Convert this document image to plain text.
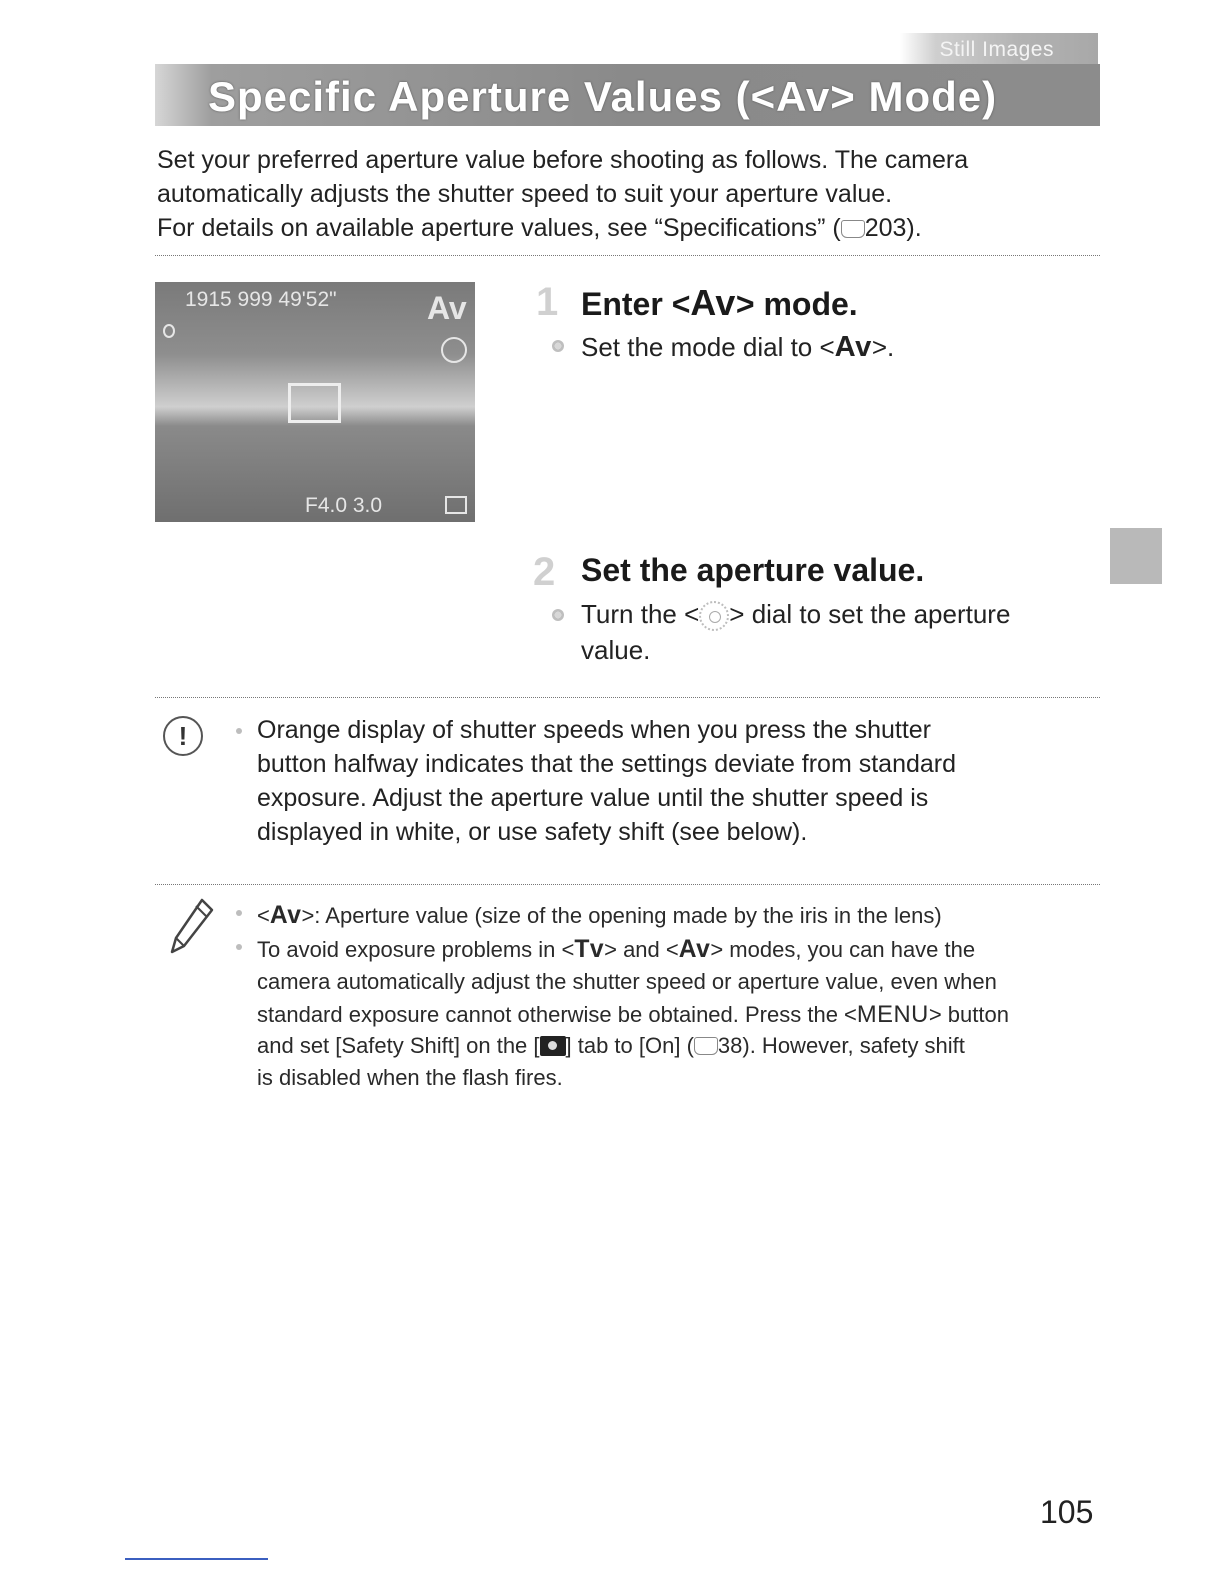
Still Images
Specific Aperture Values (<Av> Mode)
Set your preferred aperture value before shooting as follows. The camera
automatically adjusts the shutter speed to suit your aperture value.
For details on available aperture values, see “Specifications” ( 203).
1915 999 49'52"	Av
F4.0 3.0
1 Enter <Av> mode.
Set the mode dial to <Av>.
2 Set the aperture value.
Turn the < > dial to set the aperture
value.
!	Orange display of shutter speeds when you press the shutter
button halfway indicates that the settings deviate from standard
exposure. Adjust the aperture value until the shutter speed is
displayed in white, or use safety shift (see below).
<Av>: Aperture value (size of the opening made by the iris in the lens)
To avoid exposure problems in <Tv> and <Av> modes, you can have the
camera automatically adjust the shutter speed or aperture value, even when
standard exposure cannot otherwise be obtained. Press the <MENU> button
and set [Safety Shift] on the [ ] tab to [On] ( 38). However, safety shift
is disabled when the flash fires.
105
